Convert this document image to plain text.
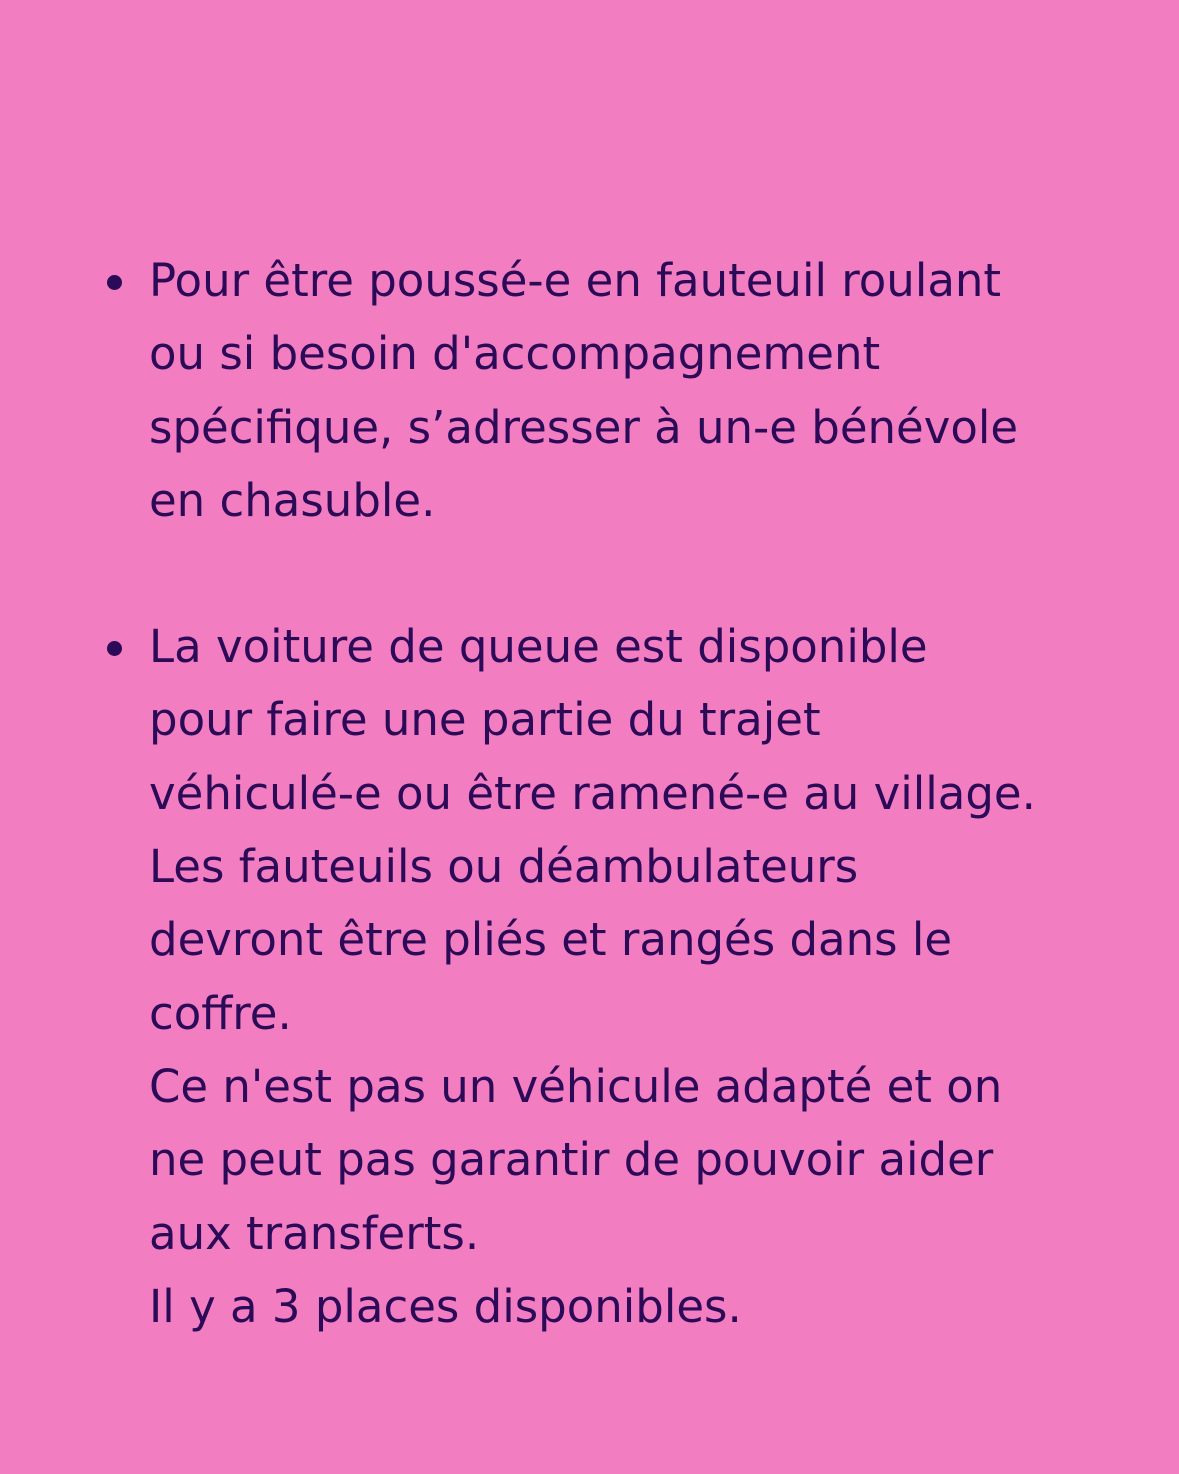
Pour être poussé-e en fauteuil roulant
ou si besoin d'accompagnement
spécifique, s’adresser à un-e bénévole
en chasuble.
La voiture de queue est disponible
pour faire une partie du trajet
véhiculé-e ou être ramené-e au village.
Les fauteuils ou déambulateurs
devront être pliés et rangés dans le
coffre.
Ce n'est pas un véhicule adapté et on
ne peut pas garantir de pouvoir aider
aux transferts.
Il y a 3 places disponibles.
